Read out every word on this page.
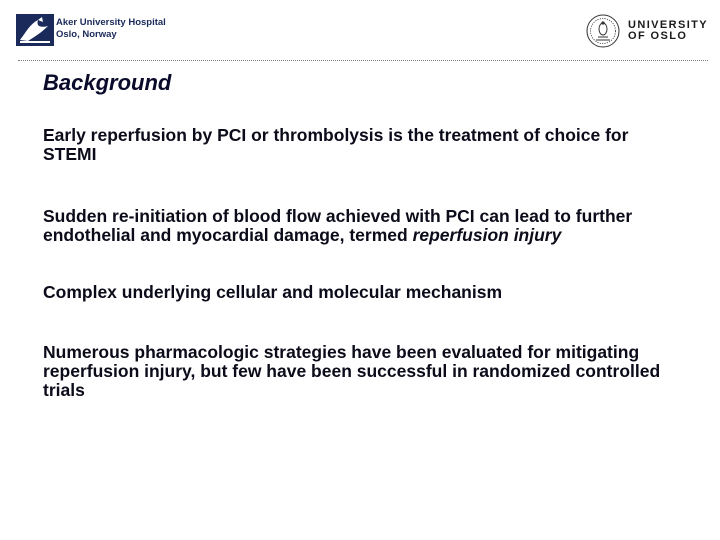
Aker University Hospital
Oslo, Norway
UNIVERSITY
OF OSLO
Background

Early reperfusion by PCI or thrombolysis is the treatment of choice for STEMI

Sudden re-initiation of blood flow achieved with PCI can lead to further endothelial and myocardial damage, termed reperfusion injury

Complex underlying cellular and molecular mechanism

Numerous pharmacologic strategies have been evaluated for mitigating reperfusion injury, but few have been successful in randomized controlled trials
